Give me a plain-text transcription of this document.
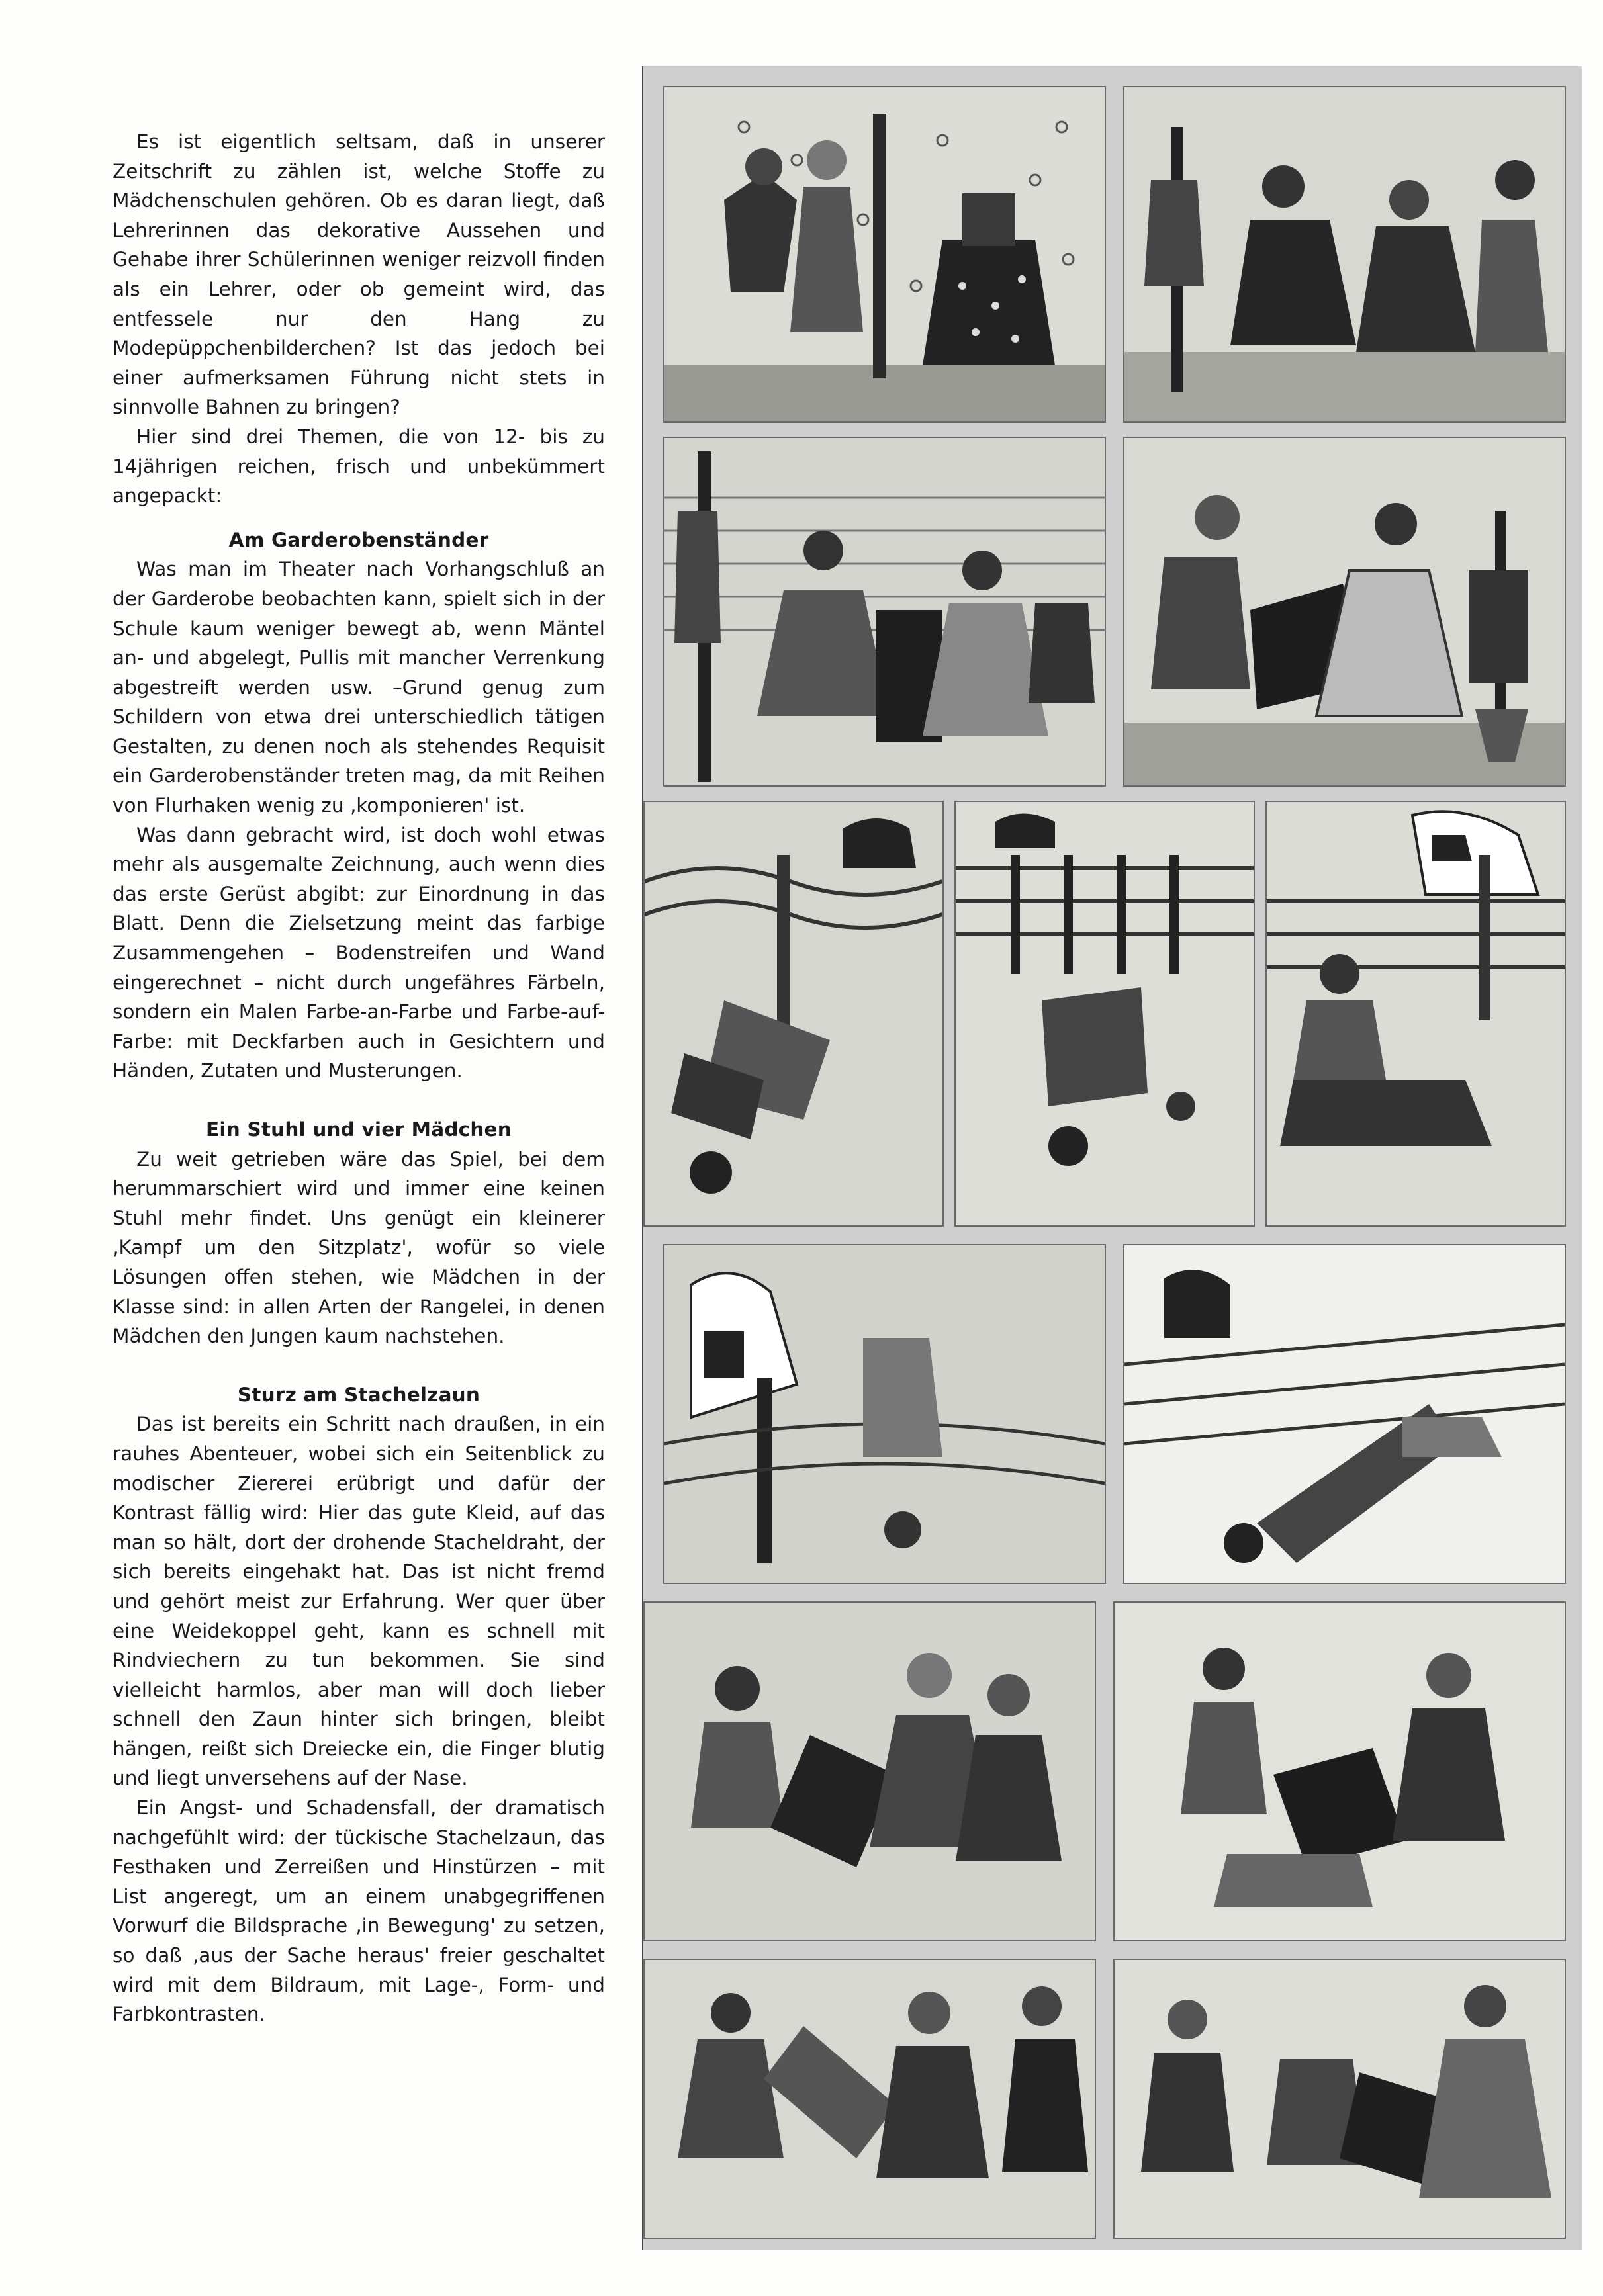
Es ist eigentlich seltsam, daß in unserer Zeitschrift zu zählen ist, welche Stoffe zu Mädchenschulen gehören. Ob es daran liegt, daß Lehrerinnen das dekorative Aussehen und Gehabe ihrer Schülerinnen weniger reizvoll finden als ein Lehrer, oder ob gemeint wird, das entfessele nur den Hang zu Modepüppchenbilderchen? Ist das jedoch bei einer aufmerksamen Führung nicht stets in sinnvolle Bahnen zu bringen?

Hier sind drei Themen, die von 12- bis zu 14jährigen reichen, frisch und unbekümmert angepackt:

Am Garderobenständer

Was man im Theater nach Vorhangschluß an der Garderobe beobachten kann, spielt sich in der Schule kaum weniger bewegt ab, wenn Mäntel an- und abgelegt, Pullis mit mancher Verrenkung abgestreift werden usw. –Grund genug zum Schildern von etwa drei unterschiedlich tätigen Gestalten, zu denen noch als stehendes Requisit ein Garderobenständer treten mag, da mit Reihen von Flurhaken wenig zu ‚komponieren' ist.

Was dann gebracht wird, ist doch wohl etwas mehr als ausgemalte Zeichnung, auch wenn dies das erste Gerüst abgibt: zur Einordnung in das Blatt. Denn die Zielsetzung meint das farbige Zusammengehen – Bodenstreifen und Wand eingerechnet – nicht durch ungefähres Färbeln, sondern ein Malen Farbe-an-Farbe und Farbe-auf-Farbe: mit Deckfarben auch in Gesichtern und Händen, Zutaten und Musterungen.

Ein Stuhl und vier Mädchen

Zu weit getrieben wäre das Spiel, bei dem herummarschiert wird und immer eine keinen Stuhl mehr findet. Uns genügt ein kleinerer ‚Kampf um den Sitzplatz', wofür so viele Lösungen offen stehen, wie Mädchen in der Klasse sind: in allen Arten der Rangelei, in denen Mädchen den Jungen kaum nachstehen.

Sturz am Stachelzaun

Das ist bereits ein Schritt nach draußen, in ein rauhes Abenteuer, wobei sich ein Seitenblick zu modischer Ziererei erübrigt und dafür der Kontrast fällig wird: Hier das gute Kleid, auf das man so hält, dort der drohende Stacheldraht, der sich bereits eingehakt hat. Das ist nicht fremd und gehört meist zur Erfahrung. Wer quer über eine Weidekoppel geht, kann es schnell mit Rindviechern zu tun bekommen. Sie sind vielleicht harmlos, aber man will doch lieber schnell den Zaun hinter sich bringen, bleibt hängen, reißt sich Dreiecke ein, die Finger blutig und liegt unversehens auf der Nase.

Ein Angst- und Schadensfall, der dramatisch nachgefühlt wird: der tückische Stachelzaun, das Festhaken und Zerreißen und Hinstürzen – mit List angeregt, um an einem unabgegriffenen Vorwurf die Bildsprache ‚in Bewegung' zu setzen, so daß ‚aus der Sache heraus' freier geschaltet wird mit dem Bildraum, mit Lage-, Form- und Farbkontrasten.
